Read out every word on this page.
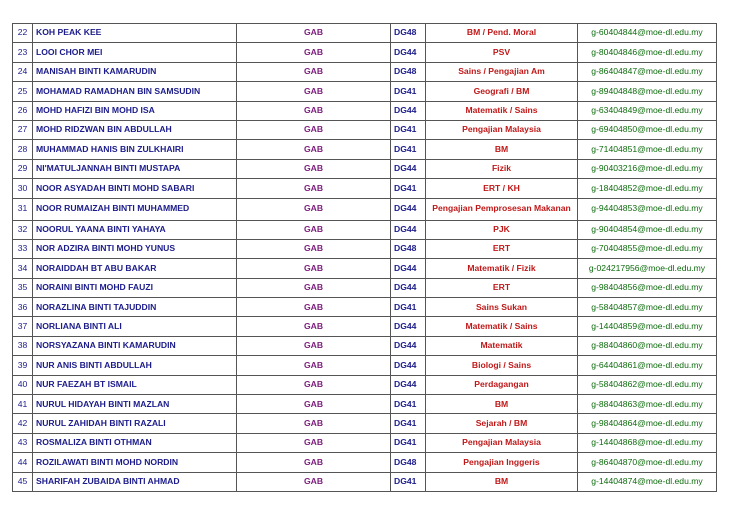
22	KOH PEAK KEE	GAB	DG48	BM / Pend. Moral	g-60404844@moe-dl.edu.my
23	LOOI CHOR MEI	GAB	DG44	PSV	g-80404846@moe-dl.edu.my
24	MANISAH BINTI KAMARUDIN	GAB	DG48	Sains / Pengajian Am	g-86404847@moe-dl.edu.my
25	MOHAMAD RAMADHAN BIN SAMSUDIN	GAB	DG41	Geografi / BM	g-89404848@moe-dl.edu.my
26	MOHD HAFIZI BIN MOHD ISA	GAB	DG44	Matematik / Sains	g-63404849@moe-dl.edu.my
27	MOHD RIDZWAN BIN ABDULLAH	GAB	DG41	Pengajian Malaysia	g-69404850@moe-dl.edu.my
28	MUHAMMAD HANIS BIN ZULKHAIRI	GAB	DG41	BM	g-71404851@moe-dl.edu.my
29	NI'MATULJANNAH BINTI MUSTAPA	GAB	DG44	Fizik	g-90403216@moe-dl.edu.my
30	NOOR ASYADAH BINTI MOHD SABARI	GAB	DG41	ERT / KH	g-18404852@moe-dl.edu.my
31	NOOR RUMAIZAH BINTI MUHAMMED	GAB	DG44	Pengajian Pemprosesan Makanan	g-94404853@moe-dl.edu.my
32	NOORUL YAANA BINTI YAHAYA	GAB	DG44	PJK	g-90404854@moe-dl.edu.my
33	NOR ADZIRA BINTI MOHD YUNUS	GAB	DG48	ERT	g-70404855@moe-dl.edu.my
34	NORAIDDAH BT ABU BAKAR	GAB	DG44	Matematik / Fizik	g-024217956@moe-dl.edu.my
35	NORAINI BINTI MOHD FAUZI	GAB	DG44	ERT	g-98404856@moe-dl.edu.my
36	NORAZLINA BINTI TAJUDDIN	GAB	DG41	Sains Sukan	g-58404857@moe-dl.edu.my
37	NORLIANA BINTI ALI	GAB	DG44	Matematik / Sains	g-14404859@moe-dl.edu.my
38	NORSYAZANA BINTI KAMARUDIN	GAB	DG44	Matematik	g-88404860@moe-dl.edu.my
39	NUR ANIS BINTI ABDULLAH	GAB	DG44	Biologi / Sains	g-64404861@moe-dl.edu.my
40	NUR FAEZAH BT ISMAIL	GAB	DG44	Perdagangan	g-58404862@moe-dl.edu.my
41	NURUL HIDAYAH BINTI MAZLAN	GAB	DG41	BM	g-88404863@moe-dl.edu.my
42	NURUL ZAHIDAH BINTI RAZALI	GAB	DG41	Sejarah / BM	g-98404864@moe-dl.edu.my
43	ROSMALIZA BINTI OTHMAN	GAB	DG41	Pengajian Malaysia	g-14404868@moe-dl.edu.my
44	ROZILAWATI BINTI MOHD NORDIN	GAB	DG48	Pengajian Inggeris	g-86404870@moe-dl.edu.my
45	SHARIFAH ZUBAIDA BINTI AHMAD	GAB	DG41	BM	g-14404874@moe-dl.edu.my
